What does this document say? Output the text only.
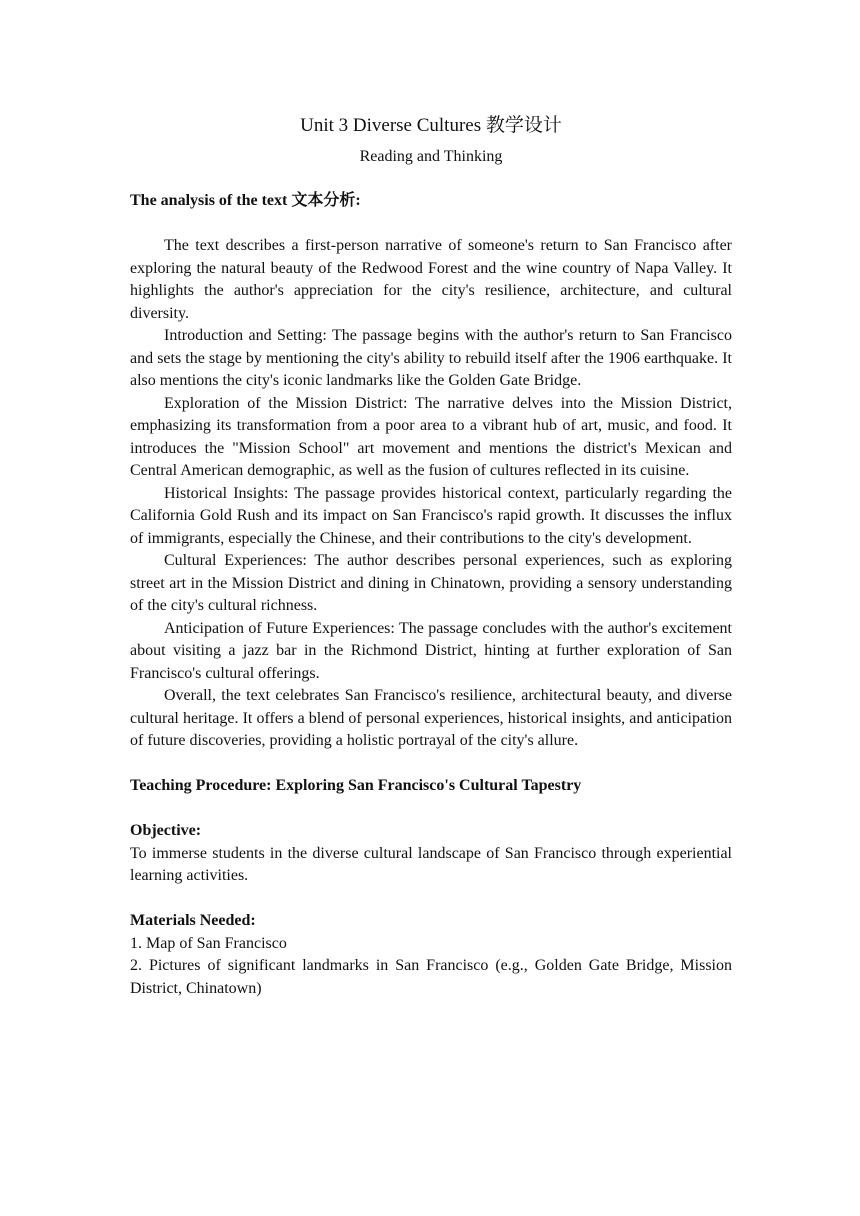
Unit 3 Diverse Cultures 教学设计

Reading and Thinking

The analysis of the text 文本分析:

The text describes a first-person narrative of someone's return to San Francisco after exploring the natural beauty of the Redwood Forest and the wine country of Napa Valley. It highlights the author's appreciation for the city's resilience, architecture, and cultural diversity.

Introduction and Setting: The passage begins with the author's return to San Francisco and sets the stage by mentioning the city's ability to rebuild itself after the 1906 earthquake. It also mentions the city's iconic landmarks like the Golden Gate Bridge.

Exploration of the Mission District: The narrative delves into the Mission District, emphasizing its transformation from a poor area to a vibrant hub of art, music, and food. It introduces the "Mission School" art movement and mentions the district's Mexican and Central American demographic, as well as the fusion of cultures reflected in its cuisine.

Historical Insights: The passage provides historical context, particularly regarding the California Gold Rush and its impact on San Francisco's rapid growth. It discusses the influx of immigrants, especially the Chinese, and their contributions to the city's development.

Cultural Experiences: The author describes personal experiences, such as exploring street art in the Mission District and dining in Chinatown, providing a sensory understanding of the city's cultural richness.

Anticipation of Future Experiences: The passage concludes with the author's excitement about visiting a jazz bar in the Richmond District, hinting at further exploration of San Francisco's cultural offerings.

Overall, the text celebrates San Francisco's resilience, architectural beauty, and diverse cultural heritage. It offers a blend of personal experiences, historical insights, and anticipation of future discoveries, providing a holistic portrayal of the city's allure.

Teaching Procedure: Exploring San Francisco's Cultural Tapestry

Objective:

To immerse students in the diverse cultural landscape of San Francisco through experiential learning activities.

Materials Needed:

1. Map of San Francisco

2. Pictures of significant landmarks in San Francisco (e.g., Golden Gate Bridge, Mission District, Chinatown)
